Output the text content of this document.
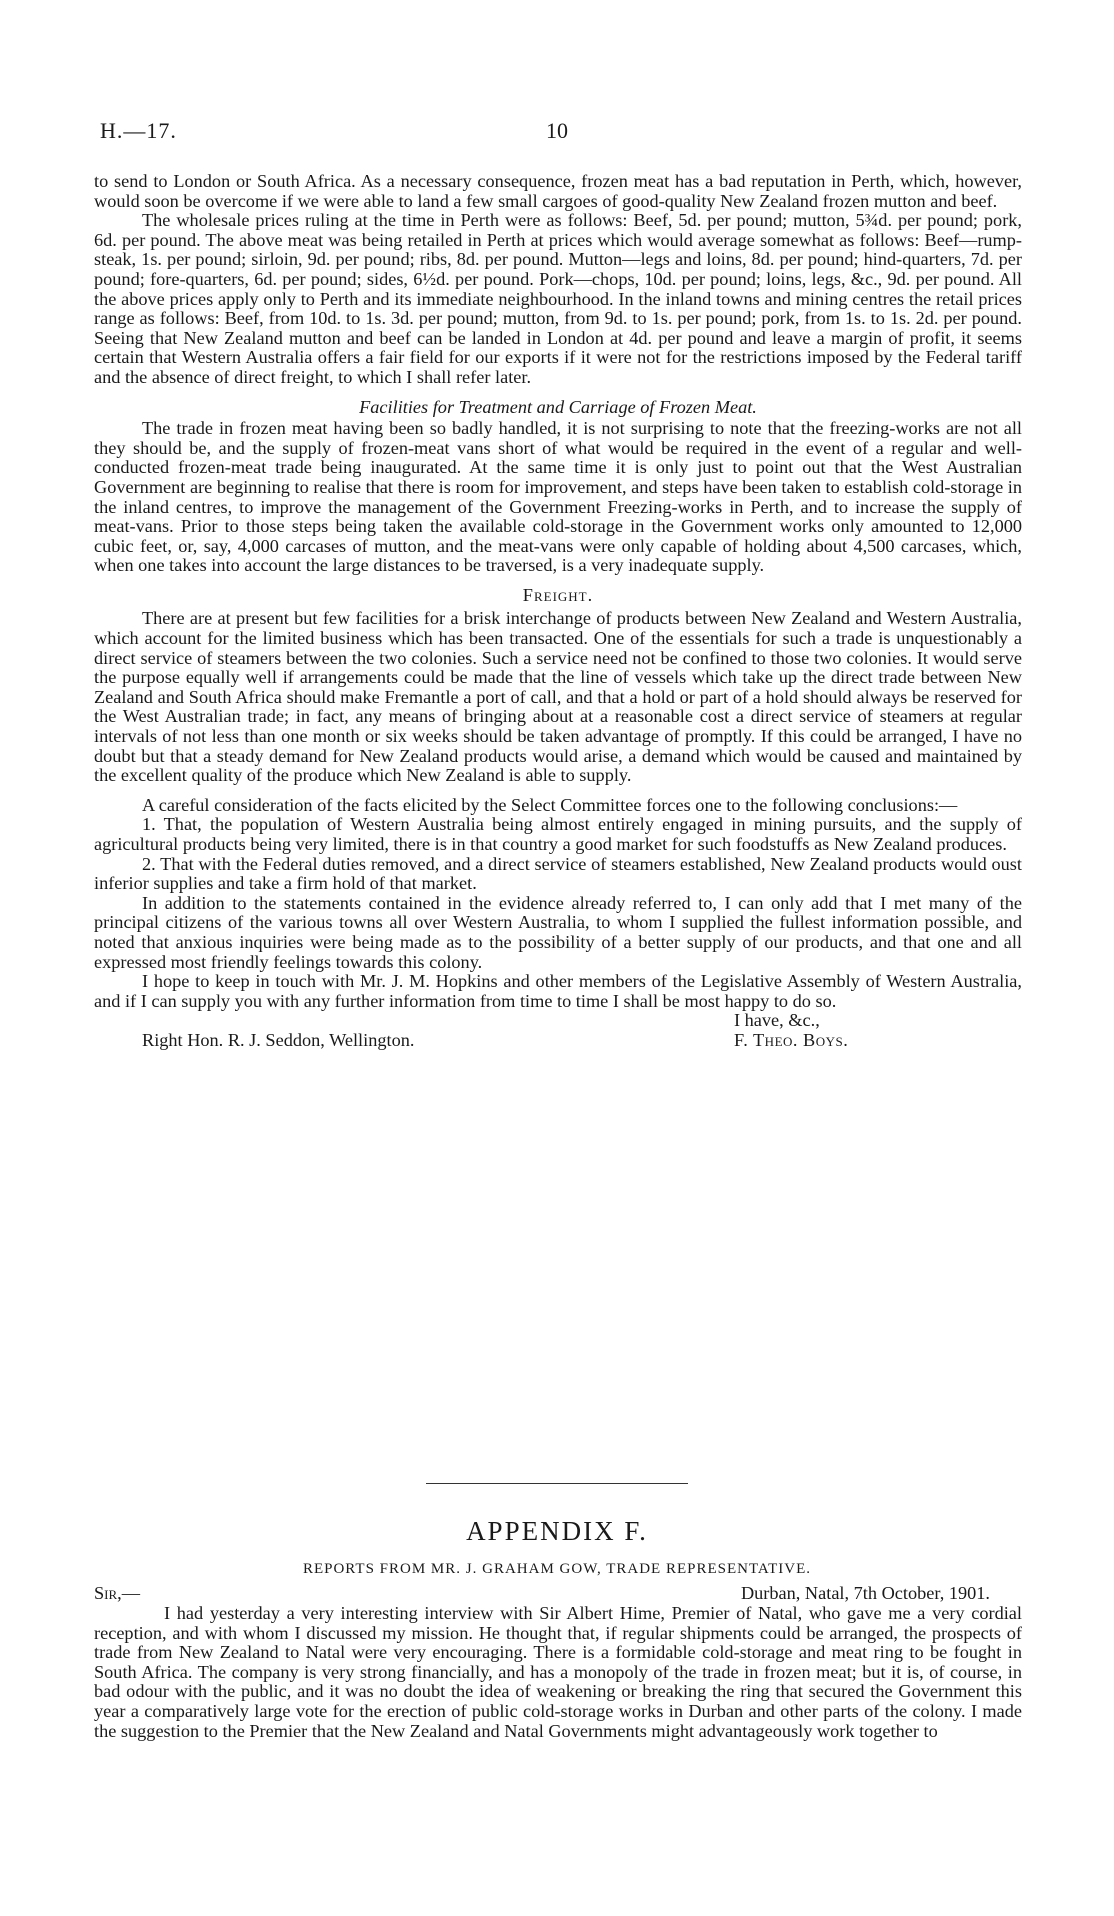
H.—17.	10

to send to London or South Africa. As a necessary consequence, frozen meat has a bad reputation in Perth, which, however, would soon be overcome if we were able to land a few small cargoes of good-quality New Zealand frozen mutton and beef.

The wholesale prices ruling at the time in Perth were as follows: Beef, 5d. per pound; mutton, 5¾d. per pound; pork, 6d. per pound. The above meat was being retailed in Perth at prices which would average somewhat as follows: Beef—rump-steak, 1s. per pound; sirloin, 9d. per pound; ribs, 8d. per pound. Mutton—legs and loins, 8d. per pound; hind-quarters, 7d. per pound; fore-quarters, 6d. per pound; sides, 6½d. per pound. Pork—chops, 10d. per pound; loins, legs, &c., 9d. per pound. All the above prices apply only to Perth and its immediate neighbourhood. In the inland towns and mining centres the retail prices range as follows: Beef, from 10d. to 1s. 3d. per pound; mutton, from 9d. to 1s. per pound; pork, from 1s. to 1s. 2d. per pound. Seeing that New Zealand mutton and beef can be landed in London at 4d. per pound and leave a margin of profit, it seems certain that Western Australia offers a fair field for our exports if it were not for the restrictions imposed by the Federal tariff and the absence of direct freight, to which I shall refer later.

Facilities for Treatment and Carriage of Frozen Meat.

The trade in frozen meat having been so badly handled, it is not surprising to note that the freezing-works are not all they should be, and the supply of frozen-meat vans short of what would be required in the event of a regular and well-conducted frozen-meat trade being inaugurated. At the same time it is only just to point out that the West Australian Government are beginning to realise that there is room for improvement, and steps have been taken to establish cold-storage in the inland centres, to improve the management of the Government Freezing-works in Perth, and to increase the supply of meat-vans. Prior to those steps being taken the available cold-storage in the Government works only amounted to 12,000 cubic feet, or, say, 4,000 carcases of mutton, and the meat-vans were only capable of holding about 4,500 carcases, which, when one takes into account the large distances to be traversed, is a very inadequate supply.

Freight.

There are at present but few facilities for a brisk interchange of products between New Zealand and Western Australia, which account for the limited business which has been transacted. One of the essentials for such a trade is unquestionably a direct service of steamers between the two colonies. Such a service need not be confined to those two colonies. It would serve the purpose equally well if arrangements could be made that the line of vessels which take up the direct trade between New Zealand and South Africa should make Fremantle a port of call, and that a hold or part of a hold should always be reserved for the West Australian trade; in fact, any means of bringing about at a reasonable cost a direct service of steamers at regular intervals of not less than one month or six weeks should be taken advantage of promptly. If this could be arranged, I have no doubt but that a steady demand for New Zealand products would arise, a demand which would be caused and maintained by the excellent quality of the produce which New Zealand is able to supply.

A careful consideration of the facts elicited by the Select Committee forces one to the following conclusions:—

1. That, the population of Western Australia being almost entirely engaged in mining pursuits, and the supply of agricultural products being very limited, there is in that country a good market for such foodstuffs as New Zealand produces.

2. That with the Federal duties removed, and a direct service of steamers established, New Zealand products would oust inferior supplies and take a firm hold of that market.

In addition to the statements contained in the evidence already referred to, I can only add that I met many of the principal citizens of the various towns all over Western Australia, to whom I supplied the fullest information possible, and noted that anxious inquiries were being made as to the possibility of a better supply of our products, and that one and all expressed most friendly feelings towards this colony.

I hope to keep in touch with Mr. J. M. Hopkins and other members of the Legislative Assembly of Western Australia, and if I can supply you with any further information from time to time I shall be most happy to do so.

I have, &c.,
Right Hon. R. J. Seddon, Wellington.	F. Theo. Boys.
APPENDIX F.
REPORTS FROM MR. J. GRAHAM GOW, TRADE REPRESENTATIVE.
Sir,—	Durban, Natal, 7th October, 1901.

I had yesterday a very interesting interview with Sir Albert Hime, Premier of Natal, who gave me a very cordial reception, and with whom I discussed my mission. He thought that, if regular shipments could be arranged, the prospects of trade from New Zealand to Natal were very encouraging. There is a formidable cold-storage and meat ring to be fought in South Africa. The company is very strong financially, and has a monopoly of the trade in frozen meat; but it is, of course, in bad odour with the public, and it was no doubt the idea of weakening or breaking the ring that secured the Government this year a comparatively large vote for the erection of public cold-storage works in Durban and other parts of the colony. I made the suggestion to the Premier that the New Zealand and Natal Governments might advantageously work together to
